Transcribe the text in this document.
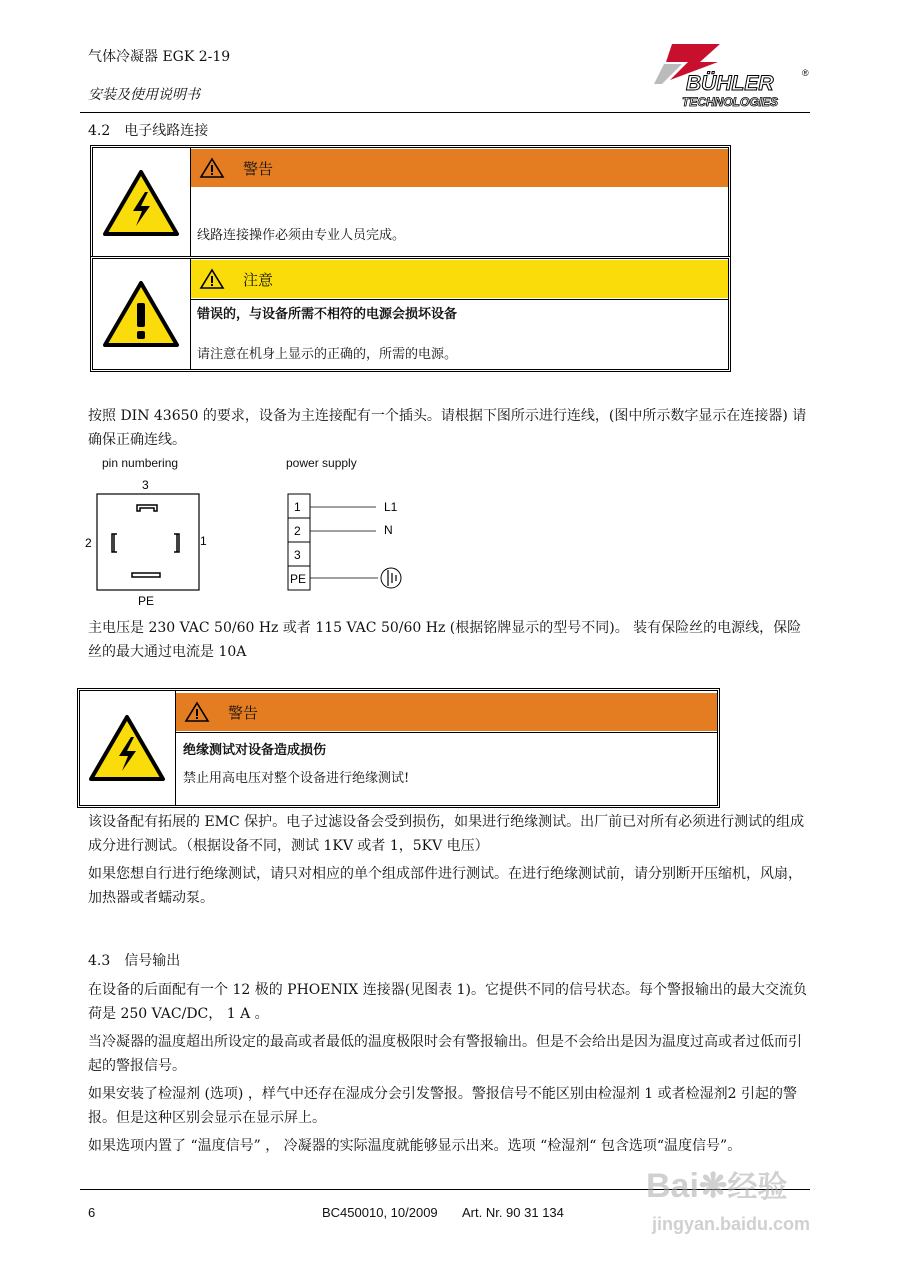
气体冷凝器 EGK 2-19
安装及使用说明书	BÜHLER	®
TECHNOLOGIES
4.2　电子线路连接
警告
线路连接操作必须由专业人员完成。
注意
错误的，与设备所需不相符的电源会损坏设备
请注意在机身上显示的正确的，所需的电源。
按照 DIN 43650 的要求，设备为主连接配有一个插头。请根据下图所示进行连线，(图中所示数字显示在连接器) 请确保正确连线。
pin numbering	power supply
3
2	1
PE
1
2
3
PE
L1
N
主电压是 230 VAC 50/60 Hz 或者 115 VAC 50/60 Hz (根据铭牌显示的型号不同)。 装有保险丝的电源线，保险丝的最大通过电流是 10A
警告
绝缘测试对设备造成损伤
禁止用高电压对整个设备进行绝缘测试!
该设备配有拓展的 EMC 保护。电子过滤设备会受到损伤，如果进行绝缘测试。出厂前已对所有必须进行测试的组成成分进行测试。（根据设备不同，测试 1KV 或者 1，5KV 电压）
如果您想自行进行绝缘测试，请只对相应的单个组成部件进行测试。在进行绝缘测试前，请分别断开压缩机，风扇，加热器或者蠕动泵。
4.3　信号输出
在设备的后面配有一个 12 极的 PHOENIX 连接器(见图表 1)。它提供不同的信号状态。每个警报输出的最大交流负荷是 250 VAC/DC， 1 A 。
当冷凝器的温度超出所设定的最高或者最低的温度极限时会有警报输出。但是不会给出是因为温度过高或者过低而引起的警报信号。
如果安装了检湿剂 (选项) ，样气中还存在湿成分会引发警报。警报信号不能区别由检湿剂 1 或者检湿剂2 引起的警报。但是这种区别会显示在显示屏上。
如果选项内置了 “温度信号” ， 冷凝器的实际温度就能够显示出来。选项 “检湿剂“ 包含选项“温度信号”。
6	BC450010, 10/2009 Art. Nr. 90 31 134
Bai❋经验
jingyan.baidu.com
